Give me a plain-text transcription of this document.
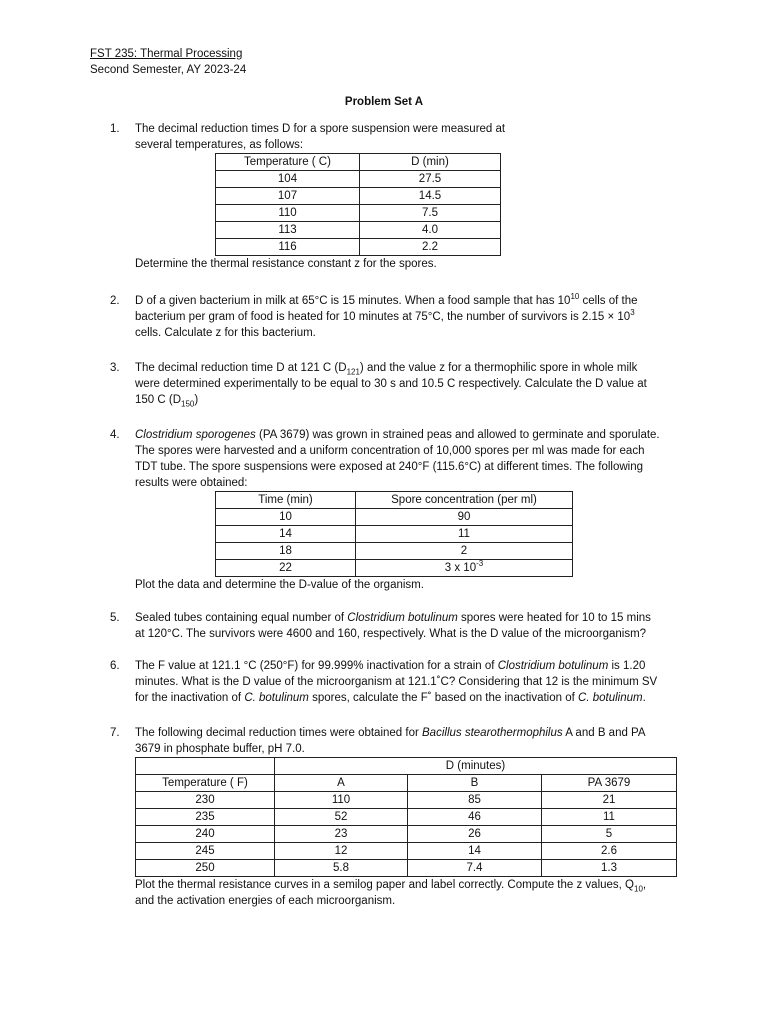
FST 235: Thermal Processing
Second Semester, AY 2023-24
Problem Set A
1. The decimal reduction times D for a spore suspension were measured at
several temperatures, as follows:
Temperature ( C)	D (min)
104	27.5
107	14.5
110	7.5
113	4.0
116	2.2
Determine the thermal resistance constant z for the spores.
2. D of a given bacterium in milk at 65°C is 15 minutes. When a food sample that has $10^{10}$ cells of the
bacterium per gram of food is heated for 10 minutes at 75°C, the number of survivors is $2.15 \times 10^3$
cells. Calculate z for this bacterium.
3. The decimal reduction time D at 121 C $(D_{121})$ and the value z for a thermophilic spore in whole milk
were determined experimentally to be equal to 30 s and 10.5 C respectively. Calculate the D value at
150 C $(D_{150})$
4. Clostridium sporogenes (PA 3679) was grown in strained peas and allowed to germinate and sporulate.
The spores were harvested and a uniform concentration of 10,000 spores per ml was made for each
TDT tube. The spore suspensions were exposed at 240°F (115.6°C) at different times. The following
results were obtained:
Time (min)	Spore concentration (per ml)
10	90
14	11
18	2
22	3 x $10^{-3}$
Plot the data and determine the D-value of the organism.
5. Sealed tubes containing equal number of Clostridium botulinum spores were heated for 10 to 15 mins
at 120°C. The survivors were 4600 and 160, respectively. What is the D value of the microorganism?
6. The F value at 121.1 °C (250°F) for 99.999% inactivation for a strain of Clostridium botulinum is 1.20
minutes. What is the D value of the microorganism at 121.1˚C? Considering that 12 is the minimum SV
for the inactivation of C. botulinum spores, calculate the F˚ based on the inactivation of C. botulinum.
7. The following decimal reduction times were obtained for Bacillus stearothermophilus A and B and PA
3679 in phosphate buffer, pH 7.0.
	D (minutes)		
Temperature ( F)	A	B	PA 3679
230	110	85	21
235	52	46	11
240	23	26	5
245	12	14	2.6
250	5.8	7.4	1.3
Plot the thermal resistance curves in a semilog paper and label correctly. Compute the z values, $Q_{10}$,
and the activation energies of each microorganism.
